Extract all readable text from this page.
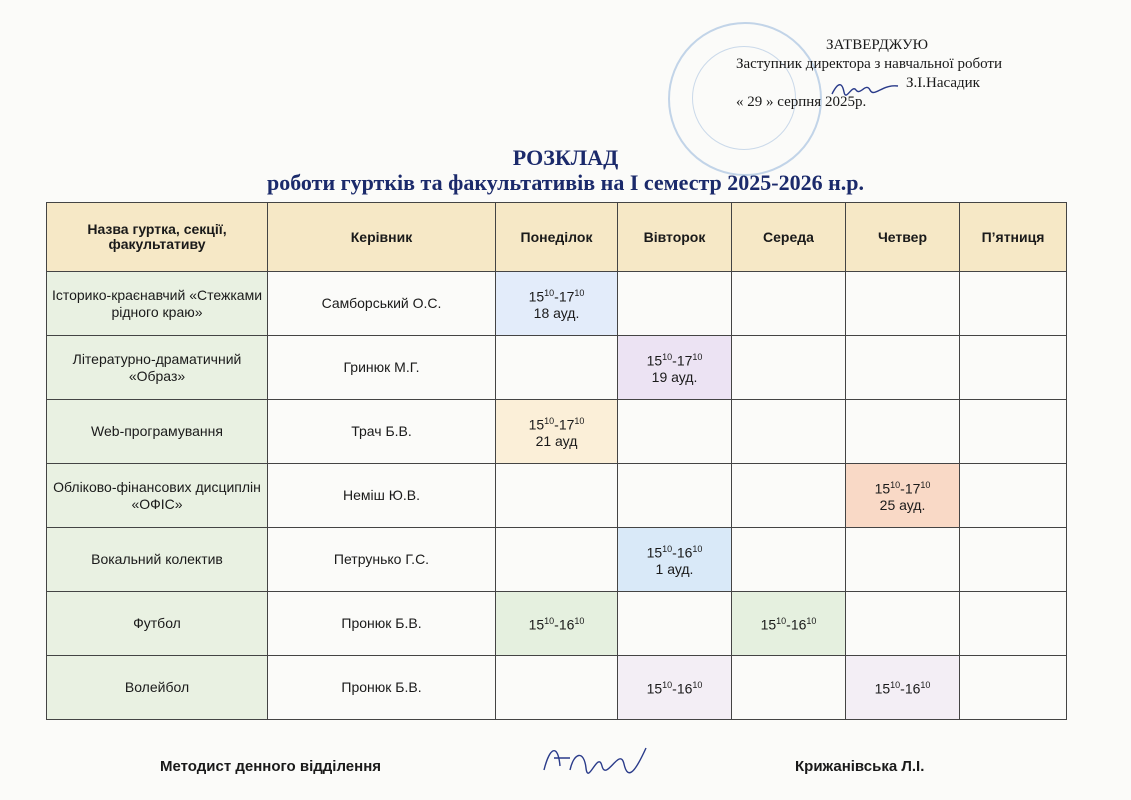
ЗАТВЕРДЖУЮ
Заступник директора з навчальної роботи
З.І.Насадик
« 29 » серпня 2025р.
РОЗКЛАД
роботи гуртків та факультативів на І семестр 2025-2026 н.р.
Назва гуртка, секції, факультативу	Керівник	Понеділок	Вівторок	Середа	Четвер	П’ятниця
Історико-краєнавчий «Стежками рідного краю»	Самборський О.С.	$15^{10}-17^{10}$
18 ауд.				

Літературно-драматичний «Образ»	Гринюк М.Г.		$15^{10}-17^{10}$
19 ауд.			

Web-програмування	Трач Б.В.	$15^{10}-17^{10}$
21 ауд				

Обліково-фінансових дисциплін «ОФІС»	Неміш Ю.В.				$15^{10}-17^{10}$
25 ауд.	

Вокальний колектив	Петрунько Г.С.		$15^{10}-16^{10}$
1 ауд.			

Футбол	Пронюк Б.В.	$15^{10}-16^{10}$		$15^{10}-16^{10}$

Волейбол	Пронюк Б.В.		$15^{10}-16^{10}$		$15^{10}-16^{10}$

Методист денного відділення	Крижанівська Л.І.
